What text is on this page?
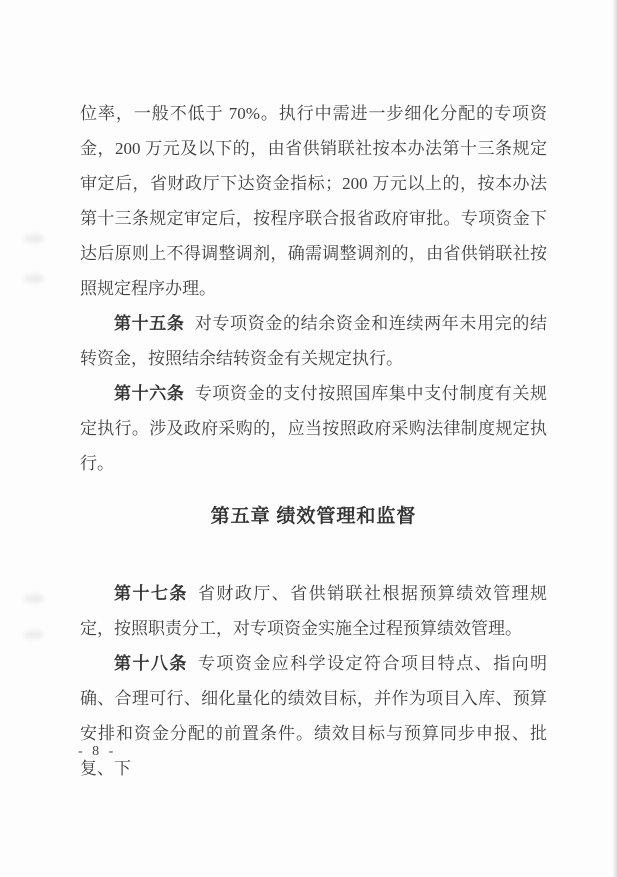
位率，一般不低于 70%。执行中需进一步细化分配的专项资金，200 万元及以下的，由省供销联社按本办法第十三条规定审定后，省财政厅下达资金指标；200 万元以上的，按本办法第十三条规定审定后，按程序联合报省政府审批。专项资金下达后原则上不得调整调剂，确需调整调剂的，由省供销联社按照规定程序办理。

第十五条 对专项资金的结余资金和连续两年未用完的结转资金，按照结余结转资金有关规定执行。

第十六条 专项资金的支付按照国库集中支付制度有关规定执行。涉及政府采购的，应当按照政府采购法律制度规定执行。

第五章 绩效管理和监督

第十七条 省财政厅、省供销联社根据预算绩效管理规定，按照职责分工，对专项资金实施全过程预算绩效管理。

第十八条 专项资金应科学设定符合项目特点、指向明确、合理可行、细化量化的绩效目标，并作为项目入库、预算安排和资金分配的前置条件。绩效目标与预算同步申报、批复、下

- 8 -
